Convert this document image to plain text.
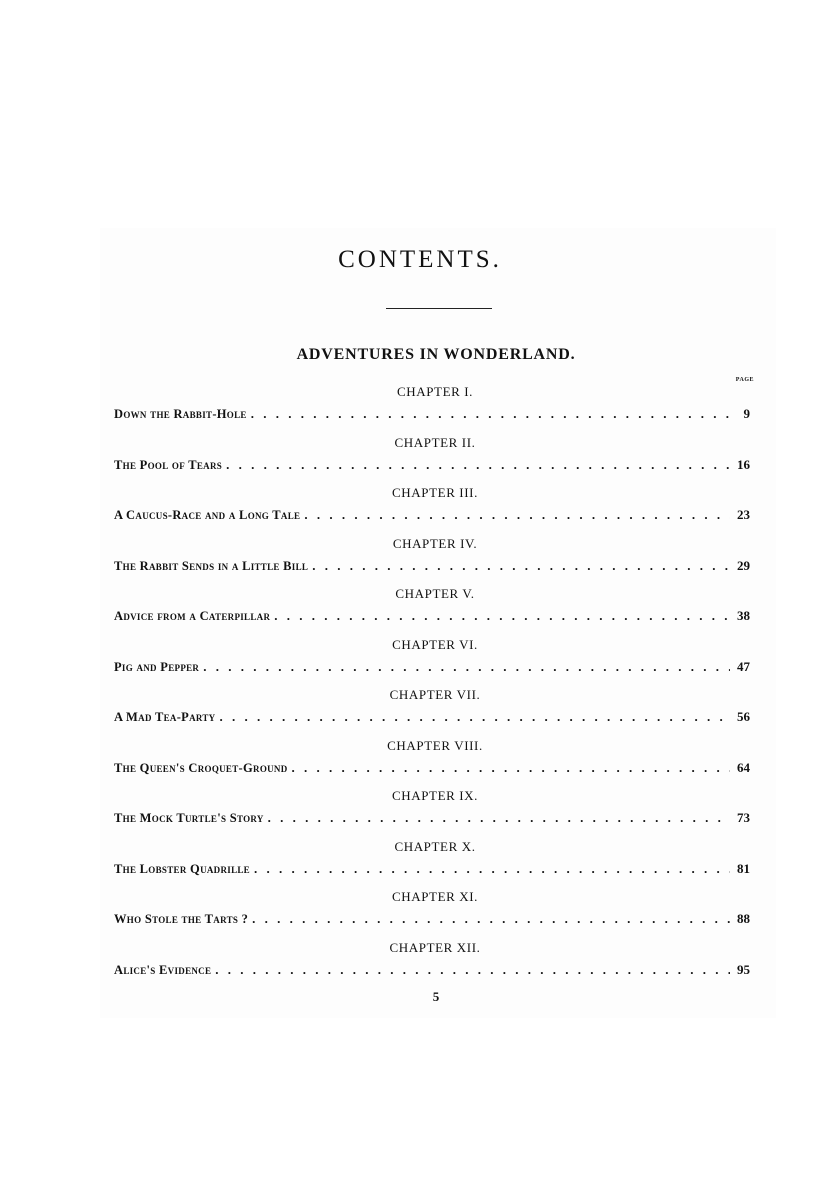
CONTENTS.
ADVENTURES IN WONDERLAND.
PAGE
CHAPTER I.
Down the Rabbit-Hole . . .	9
CHAPTER II.
The Pool of Tears . . .	16
CHAPTER III.
A Caucus-Race and a Long Tale . . .	23
CHAPTER IV.
The Rabbit Sends in a Little Bill . . .	29
CHAPTER V.
Advice from a Caterpillar . . .	38
CHAPTER VI.
Pig and Pepper . . .	47
CHAPTER VII.
A Mad Tea-Party . . .	56
CHAPTER VIII.
The Queen's Croquet-Ground . . .	64
CHAPTER IX.
The Mock Turtle's Story . . .	73
CHAPTER X.
The Lobster Quadrille . . .	81
CHAPTER XI.
Who Stole the Tarts ? . . .	88
CHAPTER XII.
Alice's Evidence . . .	95
5
